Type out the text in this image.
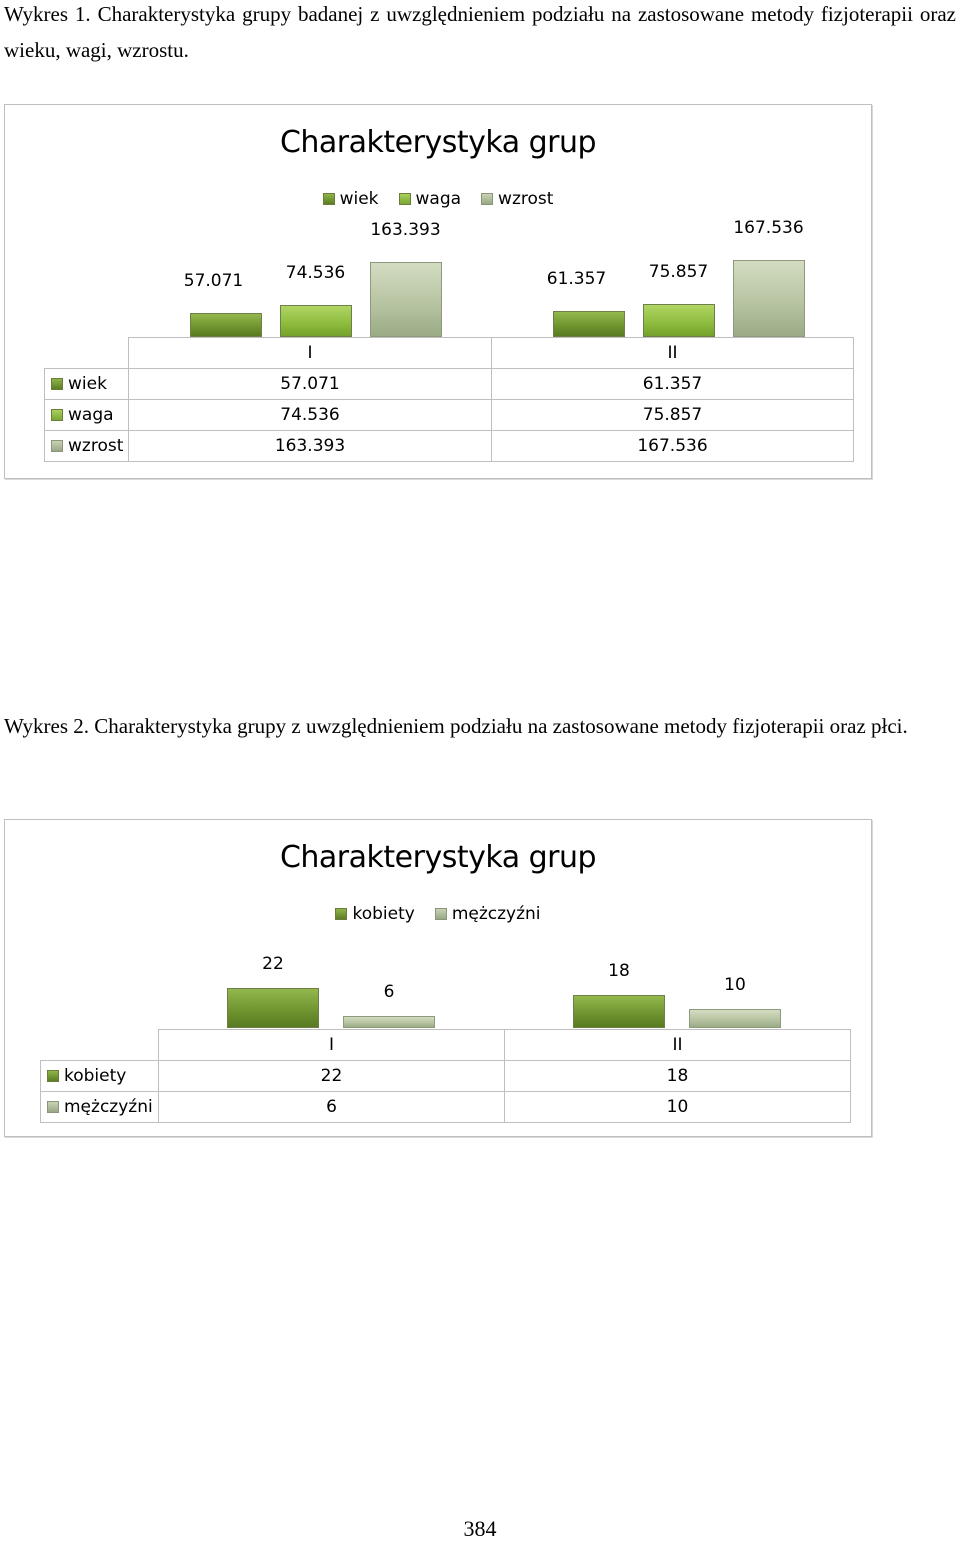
Wykres 1. Charakterystyka grupy badanej z uwzględnieniem podziału na zastosowane metody fizjoterapii oraz wieku, wagi, wzrostu.

Charakterystyka grup
wiek waga wzrost
57.071	74.536
163.393
61.357	75.857
167.536
	I	II
wiek	57.071	61.357
waga	74.536	75.857
wzrost	163.393	167.536

Wykres 2. Charakterystyka grupy z uwzględnieniem podziału na zastosowane metody fizjoterapii oraz płci.

Charakterystyka grup
kobiety mężczyźni
22
6
18
10
	I	II
kobiety	22	18
mężczyźni	6	10
384
